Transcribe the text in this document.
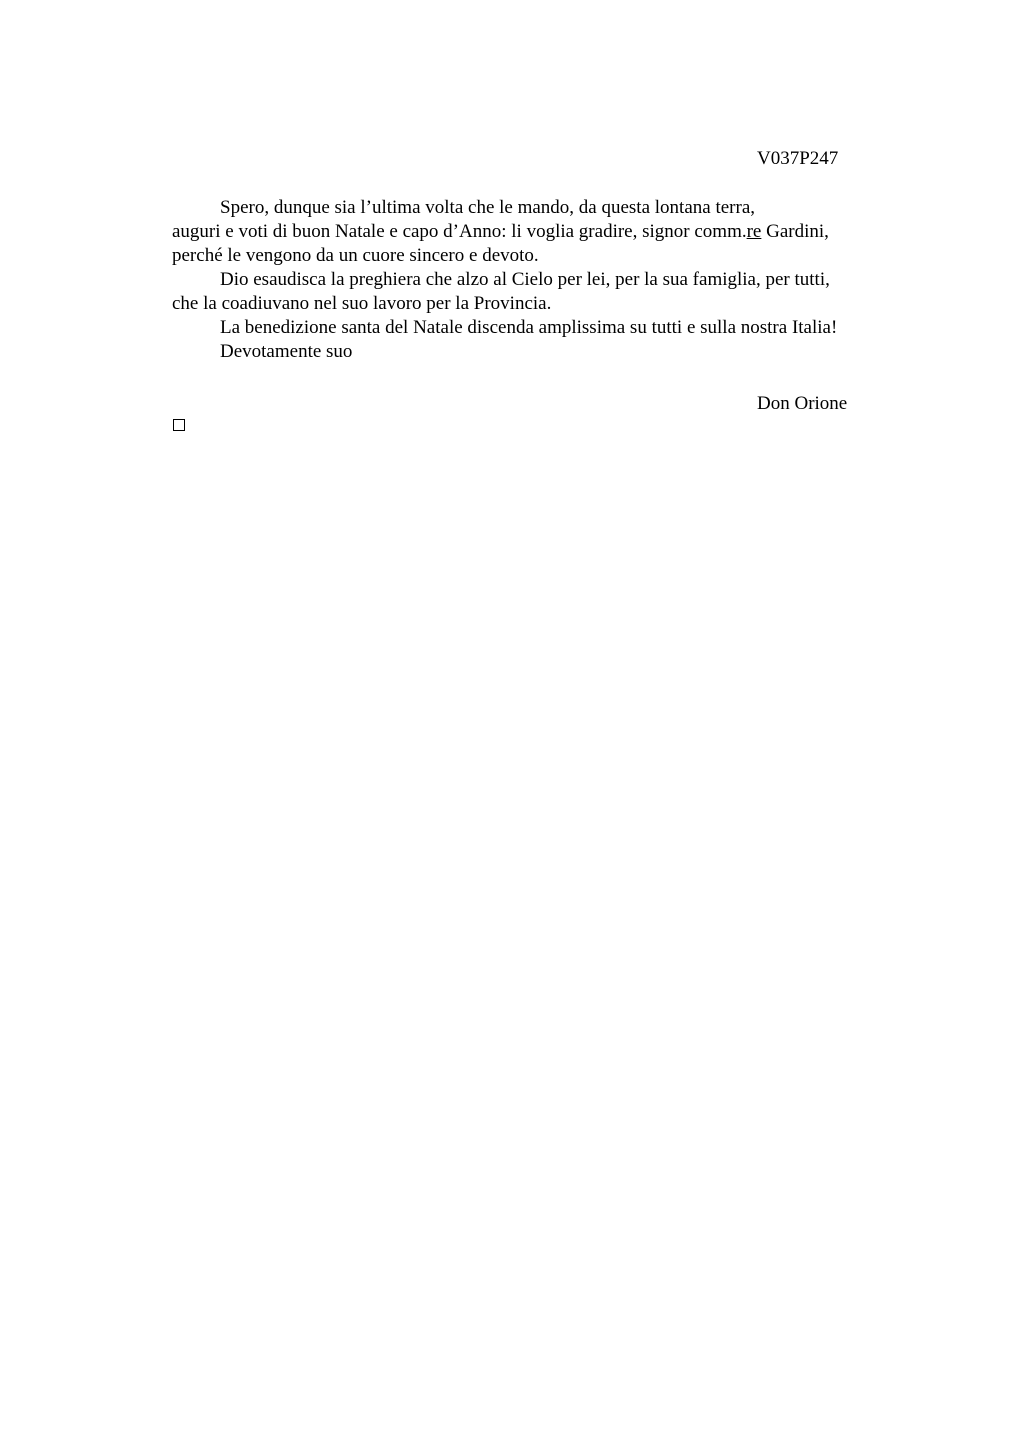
V037P247
Spero, dunque sia l’ultima volta che le mando, da questa lontana terra,
auguri e voti di buon Natale e capo d’Anno: li voglia gradire, signor comm.re Gardini,
perché le vengono da un cuore sincero e devoto.
Dio esaudisca la preghiera che alzo al Cielo per lei, per la sua famiglia, per tutti,
che la coadiuvano nel suo lavoro per la Provincia.
La benedizione santa del Natale discenda amplissima su tutti e sulla nostra Italia!
Devotamente suo
Don Orione
